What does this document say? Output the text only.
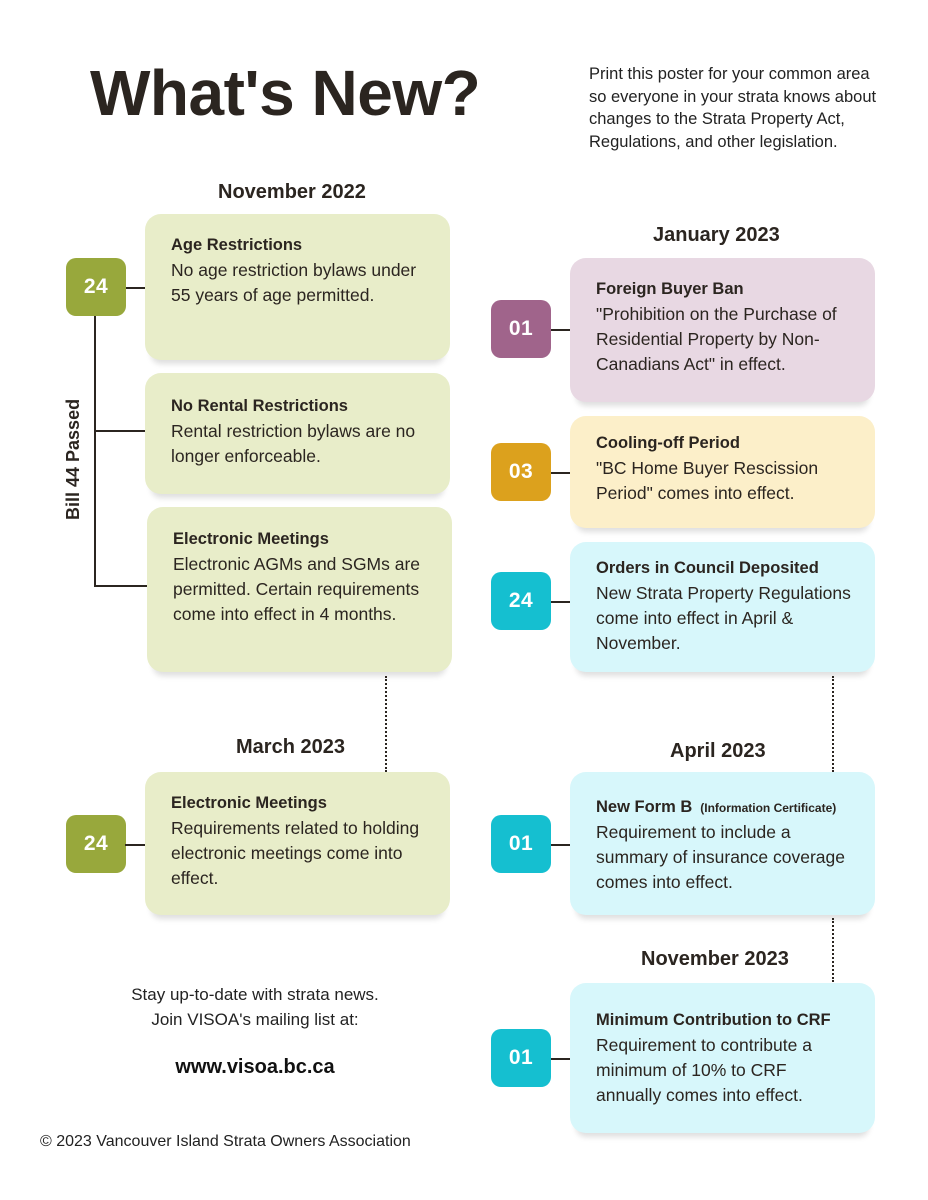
What's New?	Print this poster for your common area so everyone in your strata knows about changes to the Strata Property Act, Regulations, and other legislation.
November 2022
Bill 44 Passed
24
Age Restrictions
No age restriction bylaws under 55 years of age permitted.
No Rental Restrictions
Rental restriction bylaws are no longer enforceable.
Electronic Meetings
Electronic AGMs and SGMs are permitted. Certain requirements come into effect in 4 months.
March 2023
24
Electronic Meetings
Requirements related to holding electronic meetings come into effect.
January 2023
01
Foreign Buyer Ban
"Prohibition on the Purchase of Residential Property by Non-Canadians Act" in effect.
03
Cooling-off Period
"BC Home Buyer Rescission Period" comes into effect.
24
Orders in Council Deposited
New Strata Property Regulations come into effect in April & November.
April 2023
01
New Form B (Information Certificate)
Requirement to include a summary of insurance coverage comes into effect.
November 2023
01
Minimum Contribution to CRF
Requirement to contribute a minimum of 10% to CRF annually comes into effect.
Stay up-to-date with strata news.
Join VISOA's mailing list at:
www.visoa.bc.ca
© 2023 Vancouver Island Strata Owners Association
